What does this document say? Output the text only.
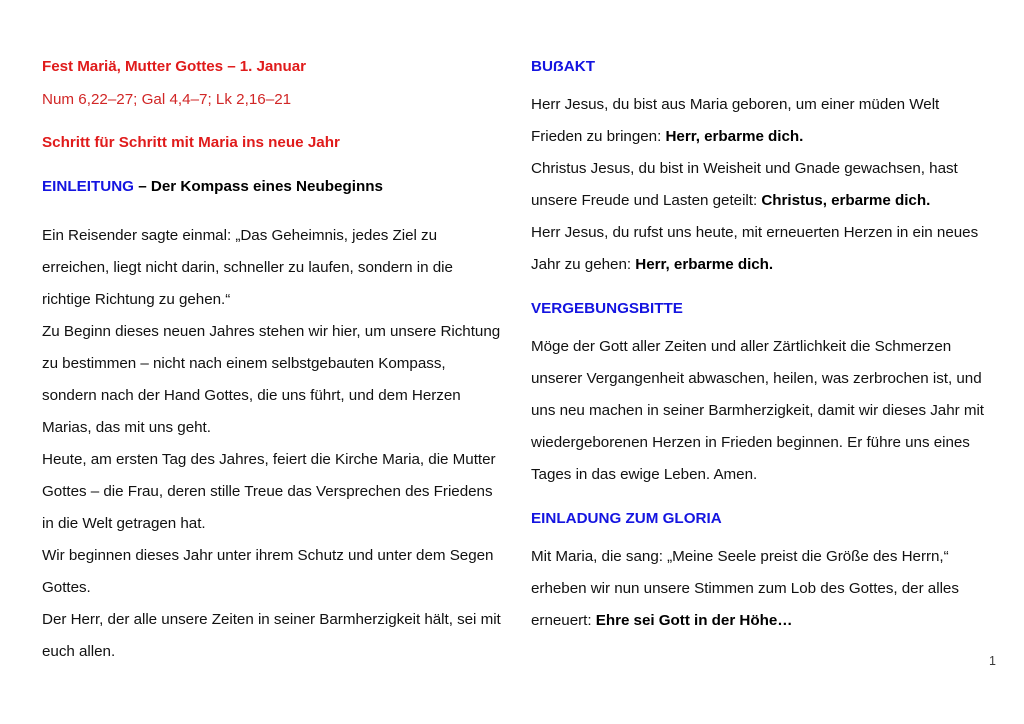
Fest Mariä, Mutter Gottes – 1. Januar
Num 6,22–27; Gal 4,4–7; Lk 2,16–21
Schritt für Schritt mit Maria ins neue Jahr
EINLEITUNG – Der Kompass eines Neubeginns

Ein Reisender sagte einmal: „Das Geheimnis, jedes Ziel zu erreichen, liegt nicht darin, schneller zu laufen, sondern in die richtige Richtung zu gehen.“

Zu Beginn dieses neuen Jahres stehen wir hier, um unsere Richtung zu bestimmen – nicht nach einem selbstgebauten Kompass, sondern nach der Hand Gottes, die uns führt, und dem Herzen Marias, das mit uns geht.

Heute, am ersten Tag des Jahres, feiert die Kirche Maria, die Mutter Gottes – die Frau, deren stille Treue das Versprechen des Friedens in die Welt getragen hat.

Wir beginnen dieses Jahr unter ihrem Schutz und unter dem Segen Gottes.

Der Herr, der alle unsere Zeiten in seiner Barmherzigkeit hält, sei mit euch allen.

BUẞAKT

Herr Jesus, du bist aus Maria geboren, um einer müden Welt Frieden zu bringen: Herr, erbarme dich.

Christus Jesus, du bist in Weisheit und Gnade gewachsen, hast unsere Freude und Lasten geteilt: Christus, erbarme dich.

Herr Jesus, du rufst uns heute, mit erneuerten Herzen in ein neues Jahr zu gehen: Herr, erbarme dich.

VERGEBUNGSBITTE

Möge der Gott aller Zeiten und aller Zärtlichkeit die Schmerzen unserer Vergangenheit abwaschen, heilen, was zerbrochen ist, und uns neu machen in seiner Barmherzigkeit, damit wir dieses Jahr mit wiedergeborenen Herzen in Frieden beginnen. Er führe uns eines Tages in das ewige Leben. Amen.

EINLADUNG ZUM GLORIA

Mit Maria, die sang: „Meine Seele preist die Größe des Herrn,“ erheben wir nun unsere Stimmen zum Lob des Gottes, der alles erneuert: Ehre sei Gott in der Höhe…

1
